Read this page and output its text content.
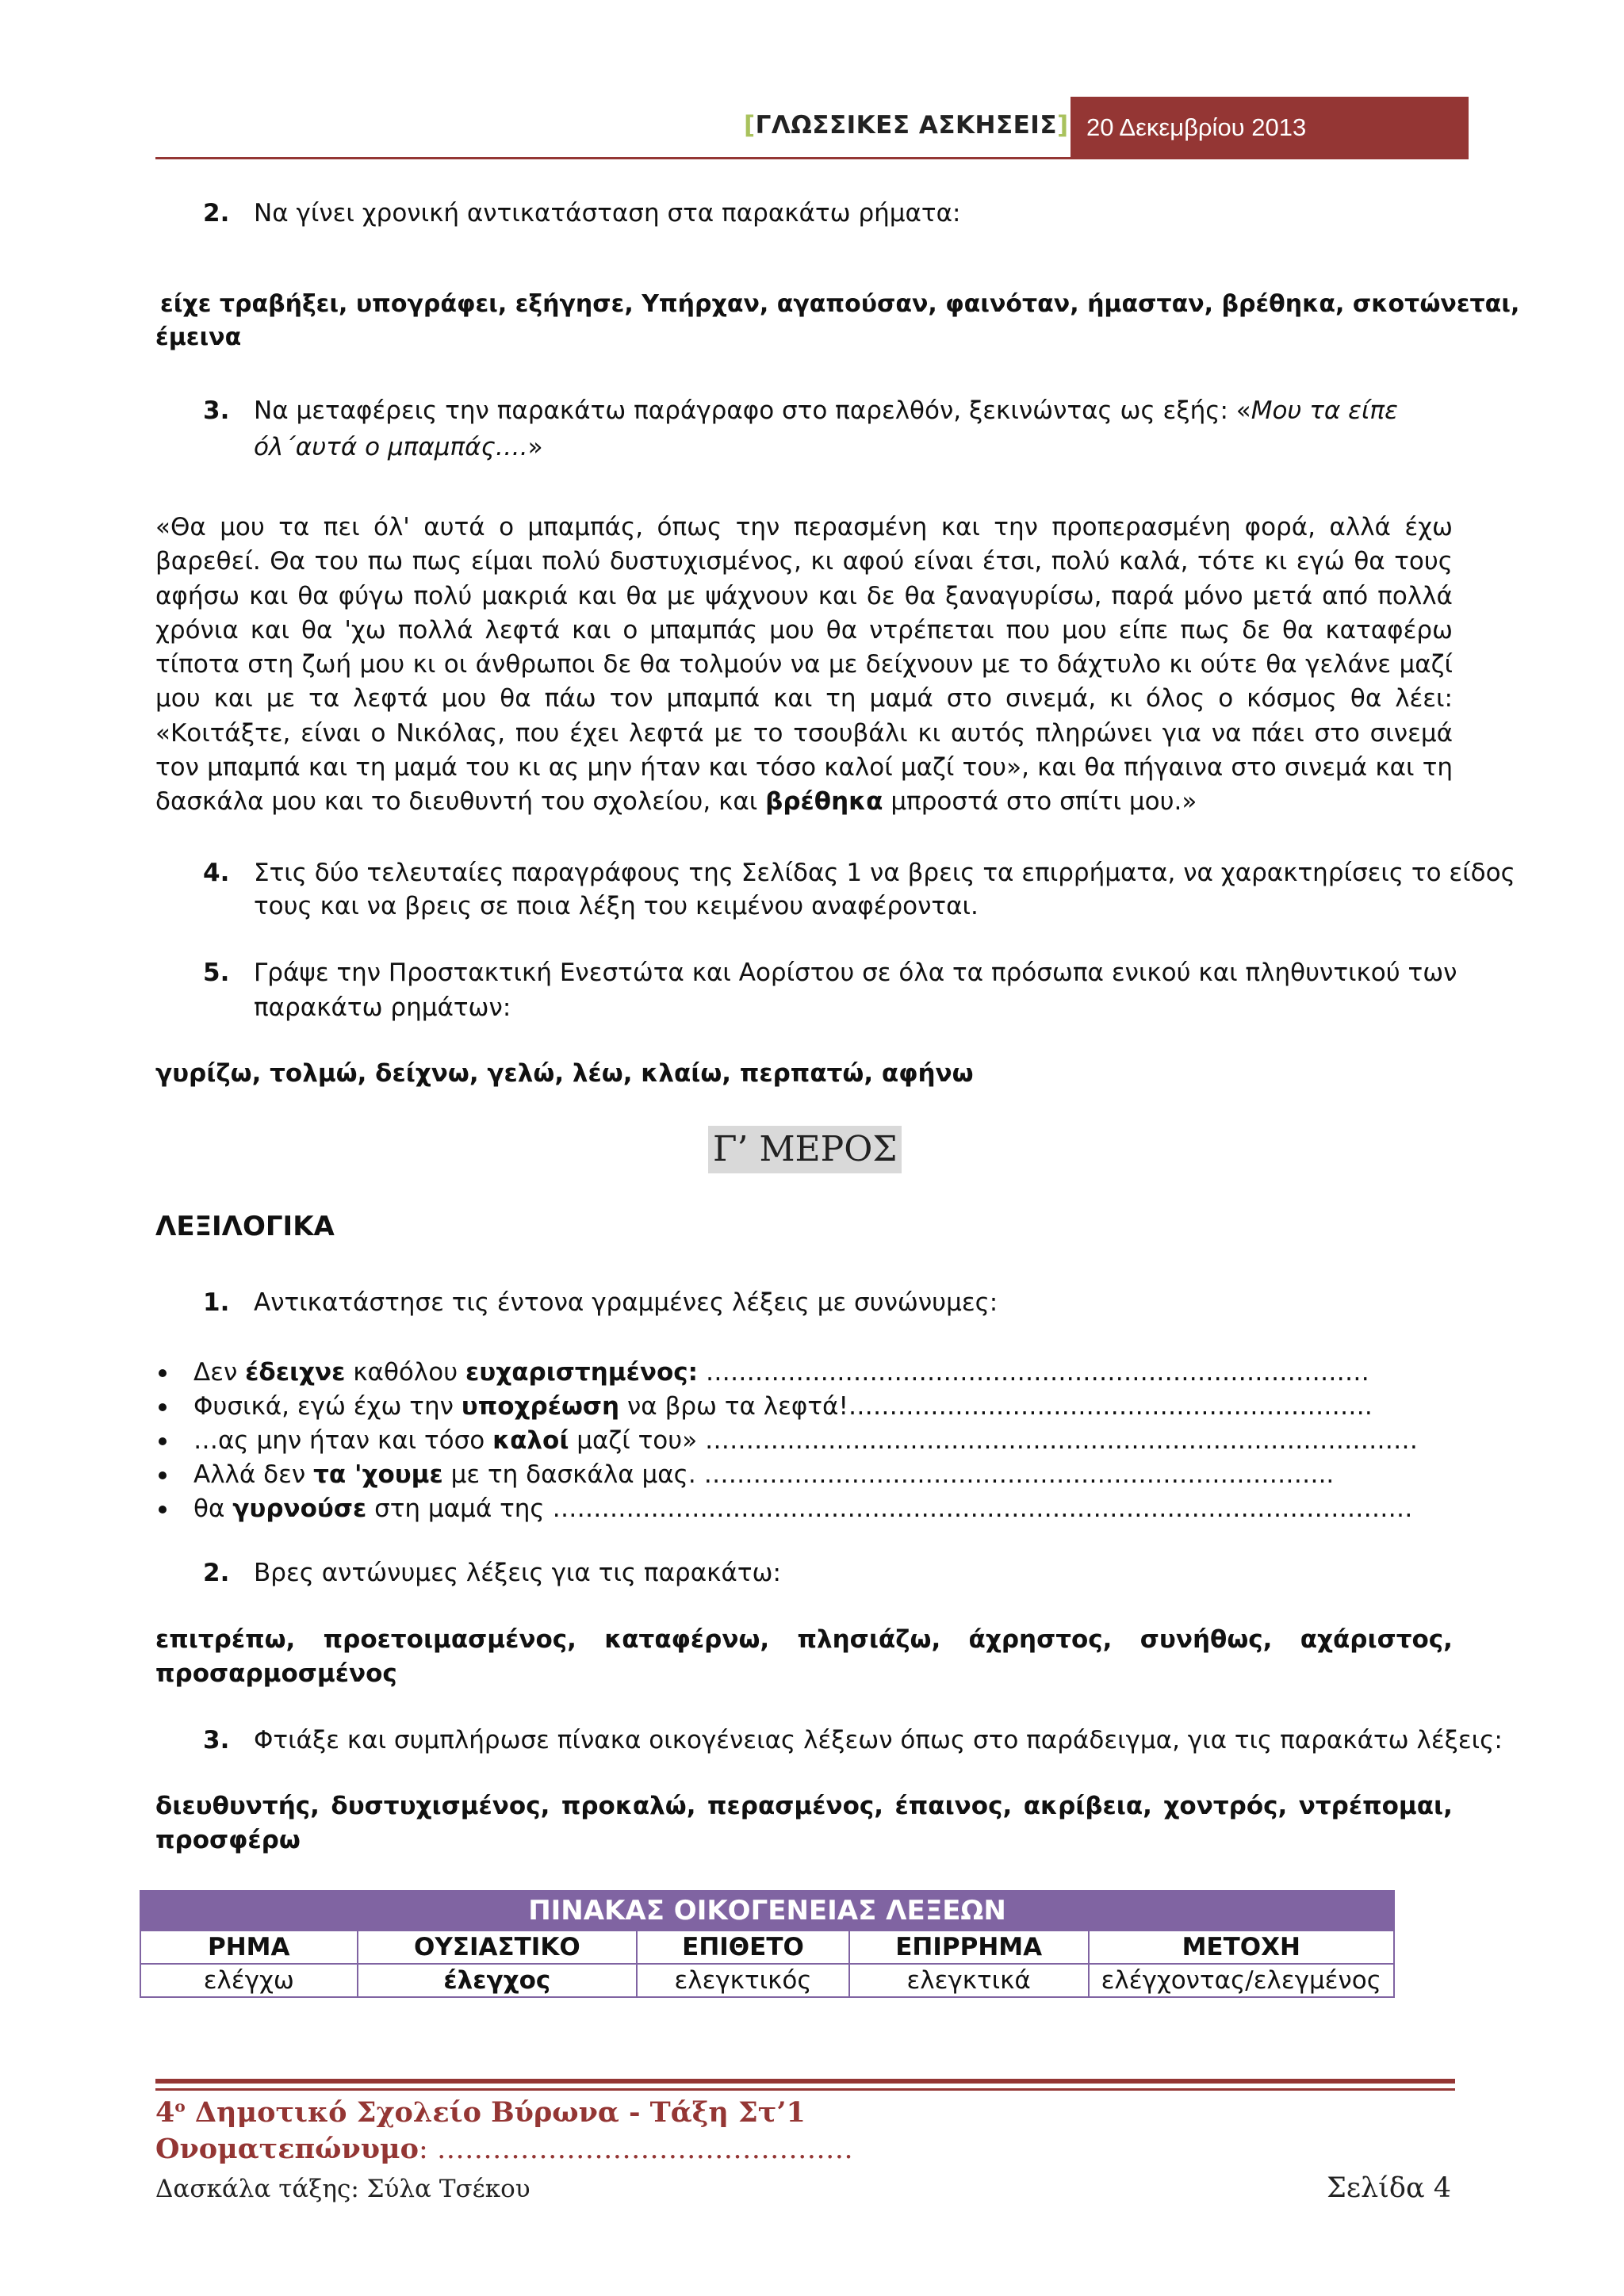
[ΓΛΩΣΣΙΚΕΣ ΑΣΚΗΣΕΙΣ] 20 Δεκεμβρίου 2013
2. Να γίνει χρονική αντικατάσταση στα παρακάτω ρήματα:
είχε τραβήξει, υπογράφει, εξήγησε, Υπήρχαν, αγαπούσαν, φαινόταν, ήμασταν, βρέθηκα, σκοτώνεται,
έμεινα
3. Να μεταφέρεις την παρακάτω παράγραφο στο παρελθόν, ξεκινώντας ως εξής: «Μου τα είπε
όλ΄αυτά ο μπαμπάς….»
«Θα μου τα πει όλ' αυτά ο μπαμπάς, όπως την περασμένη και την προπερασμένη φορά, αλλά έχω βαρεθεί. Θα του πω πως είμαι πολύ δυστυχισμένος, κι αφού είναι έτσι, πολύ καλά, τότε κι εγώ θα τους αφήσω και θα φύγω πολύ μακριά και θα με ψάχνουν και δε θα ξαναγυρίσω, παρά μόνο μετά από πολλά χρόνια και θα 'χω πολλά λεφτά και ο μπαμπάς μου θα ντρέπεται που μου είπε πως δε θα καταφέρω τίποτα στη ζωή μου κι οι άνθρωποι δε θα τολμούν να με δείχνουν με το δάχτυλο κι ούτε θα γελάνε μαζί μου και με τα λεφτά μου θα πάω τον μπαμπά και τη μαμά στο σινεμά, κι όλος ο κόσμος θα λέει: «Κοιτάξτε, είναι ο Νικόλας, που έχει λεφτά με το τσουβάλι κι αυτός πληρώνει για να πάει στο σινεμά τον μπαμπά και τη μαμά του κι ας μην ήταν και τόσο καλοί μαζί του», και θα πήγαινα στο σινεμά και τη δασκάλα μου και το διευθυντή του σχολείου, και βρέθηκα μπροστά στο σπίτι μου.»
4. Στις δύο τελευταίες παραγράφους της Σελίδας 1 να βρεις τα επιρρήματα, να χαρακτηρίσεις το είδος
τους και να βρεις σε ποια λέξη του κειμένου αναφέρονται.
5. Γράψε την Προστακτική Ενεστώτα και Αορίστου σε όλα τα πρόσωπα ενικού και πληθυντικού των
παρακάτω ρημάτων:
γυρίζω, τολμώ, δείχνω, γελώ, λέω, κλαίω, περπατώ, αφήνω
Γ’ ΜΕΡΟΣ
ΛΕΞΙΛΟΓΙΚΑ
1. Αντικατάστησε τις έντονα γραμμένες λέξεις με συνώνυμες:
Δεν έδειχνε καθόλου ευχαριστημένος: ………………………………………………………………………
Φυσικά, εγώ έχω την υποχρέωση να βρω τα λεφτά!……………………………………………………….
…ας μην ήταν και τόσο καλοί μαζί του» ……………………………………………………………………………
Αλλά δεν τα 'χουμε με τη δασκάλα μας. …………………………………………………………………..
θα γυρνούσε στη μαμά της ……………………………………………………………………………………………
2. Βρες αντώνυμες λέξεις για τις παρακάτω:
επιτρέπω, προετοιμασμένος, καταφέρνω, πλησιάζω, άχρηστος, συνήθως, αχάριστος,
προσαρμοσμένος
3. Φτιάξε και συμπλήρωσε πίνακα οικογένειας λέξεων όπως στο παράδειγμα, για τις παρακάτω λέξεις:
διευθυντής, δυστυχισμένος, προκαλώ, περασμένος, έπαινος, ακρίβεια, χοντρός, ντρέπομαι,
προσφέρω
ΠΙΝΑΚΑΣ ΟΙΚΟΓΕΝΕΙΑΣ ΛΕΞΕΩΝ				
ΡΗΜΑ	ΟΥΣΙΑΣΤΙΚΟ	ΕΠΙΘΕΤΟ	ΕΠΙΡΡΗΜΑ	ΜΕΤΟΧΗ
ελέγχω	έλεγχος	ελεγκτικός	ελεγκτικά	ελέγχοντας/ελεγμένος
$4^o$ Δημοτικό Σχολείο Βύρωνα - Τάξη Στ’1
Ονοματεπώνυμο: ………………………………………
Δασκάλα τάξης: Σύλα Τσέκου	Σελίδα 4
